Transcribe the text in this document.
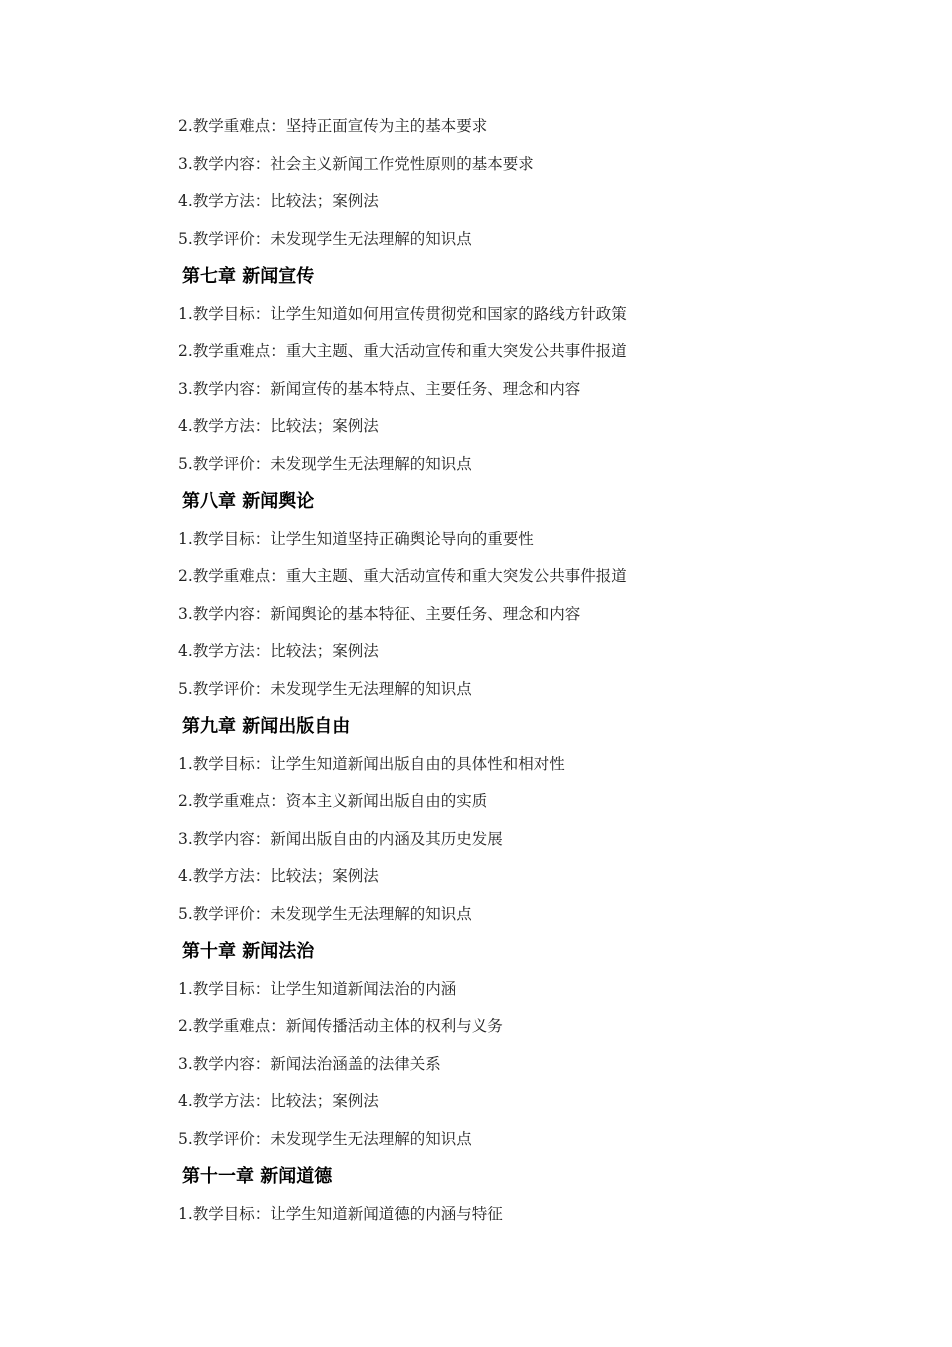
2.教学重难点：坚持正面宣传为主的基本要求
3.教学内容：社会主义新闻工作党性原则的基本要求
4.教学方法：比较法；案例法
5.教学评价：未发现学生无法理解的知识点
第七章 新闻宣传
1.教学目标：让学生知道如何用宣传贯彻党和国家的路线方针政策
2.教学重难点：重大主题、重大活动宣传和重大突发公共事件报道
3.教学内容：新闻宣传的基本特点、主要任务、理念和内容
4.教学方法：比较法；案例法
5.教学评价：未发现学生无法理解的知识点
第八章 新闻舆论
1.教学目标：让学生知道坚持正确舆论导向的重要性
2.教学重难点：重大主题、重大活动宣传和重大突发公共事件报道
3.教学内容：新闻舆论的基本特征、主要任务、理念和内容
4.教学方法：比较法；案例法
5.教学评价：未发现学生无法理解的知识点
第九章 新闻出版自由
1.教学目标：让学生知道新闻出版自由的具体性和相对性
2.教学重难点：资本主义新闻出版自由的实质
3.教学内容：新闻出版自由的内涵及其历史发展
4.教学方法：比较法；案例法
5.教学评价：未发现学生无法理解的知识点
第十章 新闻法治
1.教学目标：让学生知道新闻法治的内涵
2.教学重难点：新闻传播活动主体的权利与义务
3.教学内容：新闻法治涵盖的法律关系
4.教学方法：比较法；案例法
5.教学评价：未发现学生无法理解的知识点
第十一章 新闻道德
1.教学目标：让学生知道新闻道德的内涵与特征
